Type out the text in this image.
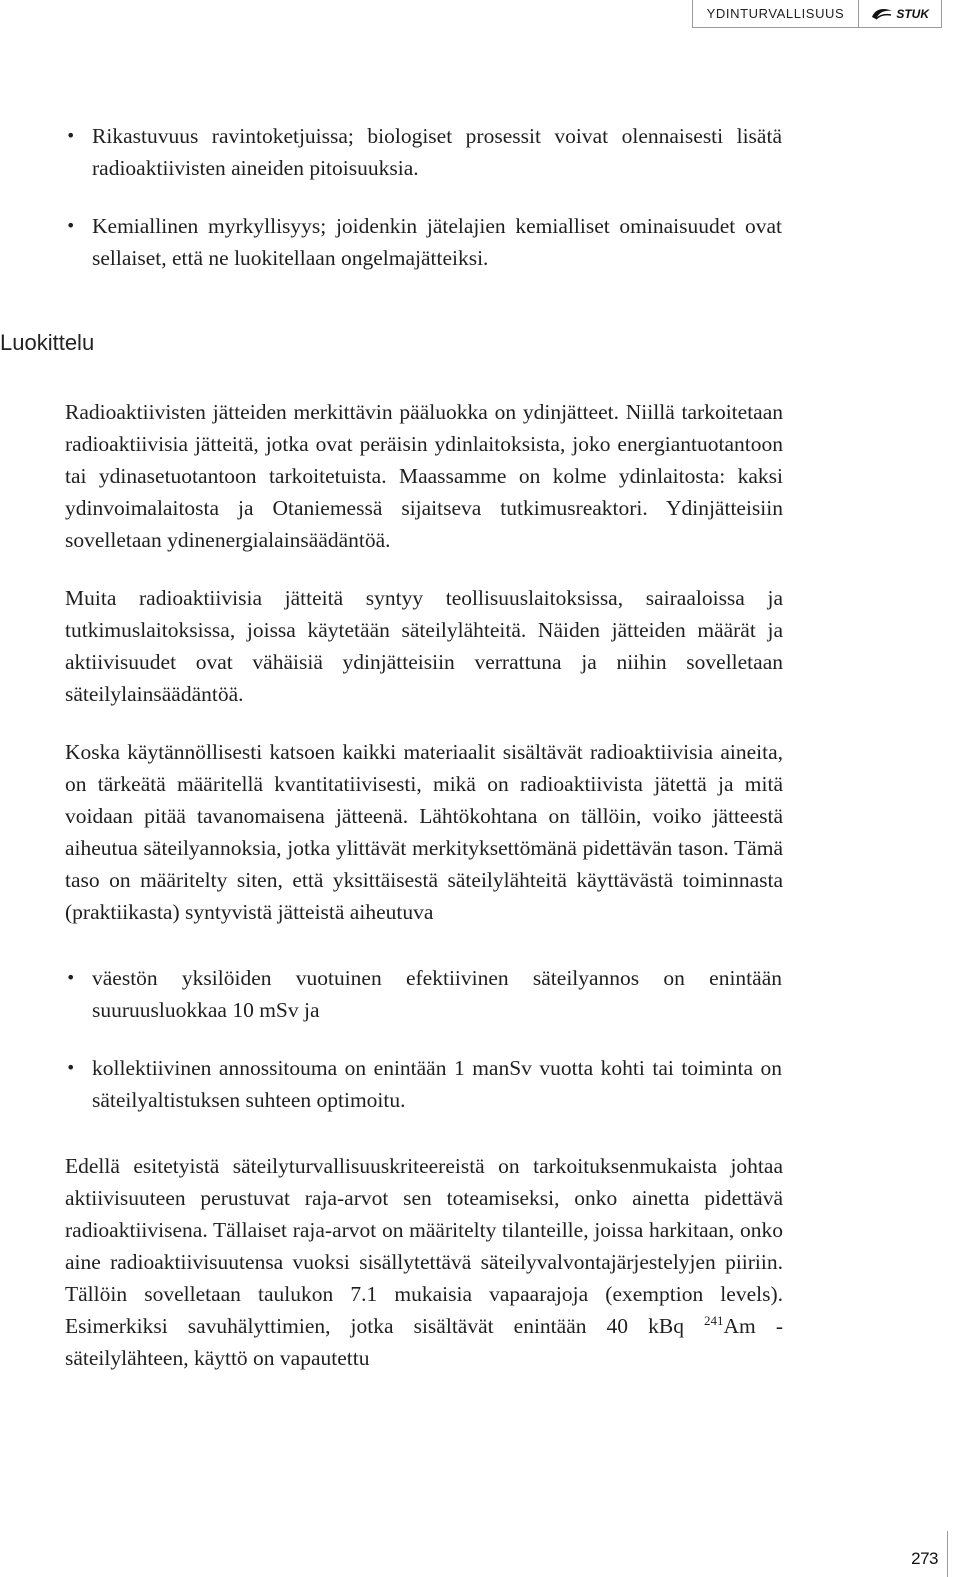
YDINTURVALLISUUS	STUK
• Rikastuvuus ravintoketjuissa; biologiset prosessit voivat olennaisesti lisätä radioaktiivisten aineiden pitoisuuksia.
• Kemiallinen myrkyllisyys; joidenkin jätelajien kemialliset ominaisuudet ovat sellaiset, että ne luokitellaan ongelmajätteiksi.
Luokittelu

Radioaktiivisten jätteiden merkittävin pääluokka on ydinjätteet. Niillä tarkoitetaan radioaktiivisia jätteitä, jotka ovat peräisin ydinlaitoksista, joko energiantuotantoon tai ydinasetuotantoon tarkoitetuista. Maassamme on kolme ydinlaitosta: kaksi ydinvoimalaitosta ja Otaniemessä sijaitseva tutkimusreaktori. Ydinjätteisiin sovelletaan ydinenergialainsäädäntöä.

Muita radioaktiivisia jätteitä syntyy teollisuuslaitoksissa, sairaaloissa ja tutkimuslaitoksissa, joissa käytetään säteilylähteitä. Näiden jätteiden määrät ja aktiivisuudet ovat vähäisiä ydinjätteisiin verrattuna ja niihin sovelletaan säteilylainsäädäntöä.

Koska käytännöllisesti katsoen kaikki materiaalit sisältävät radioaktiivisia aineita, on tärkeätä määritellä kvantitatiivisesti, mikä on radioaktiivista jätettä ja mitä voidaan pitää tavanomaisena jätteenä. Lähtökohtana on tällöin, voiko jätteestä aiheutua säteilyannoksia, jotka ylittävät merkityksettömänä pidettävän tason. Tämä taso on määritelty siten, että yksittäisestä säteilylähteitä käyttävästä toiminnasta (praktiikasta) syntyvistä jätteistä aiheutuva

• väestön yksilöiden vuotuinen efektiivinen säteilyannos on enintään suuruusluokkaa 10 mSv ja
• kollektiivinen annossitouma on enintään 1 manSv vuotta kohti tai toiminta on säteilyaltistuksen suhteen optimoitu.

Edellä esitetyistä säteilyturvallisuuskriteereistä on tarkoituksenmukaista johtaa aktiivisuuteen perustuvat raja-arvot sen toteamiseksi, onko ainetta pidettävä radioaktiivisena. Tällaiset raja-arvot on määritelty tilanteille, joissa harkitaan, onko aine radioaktiivisuutensa vuoksi sisällytettävä säteilyvalvontajärjestelyjen piiriin. Tällöin sovelletaan taulukon 7.1 mukaisia vapaarajoja (exemption levels). Esimerkiksi savuhälyttimien, jotka sisältävät enintään 40 kBq $^{241}$Am -säteilylähteen, käyttö on vapautettu

273
